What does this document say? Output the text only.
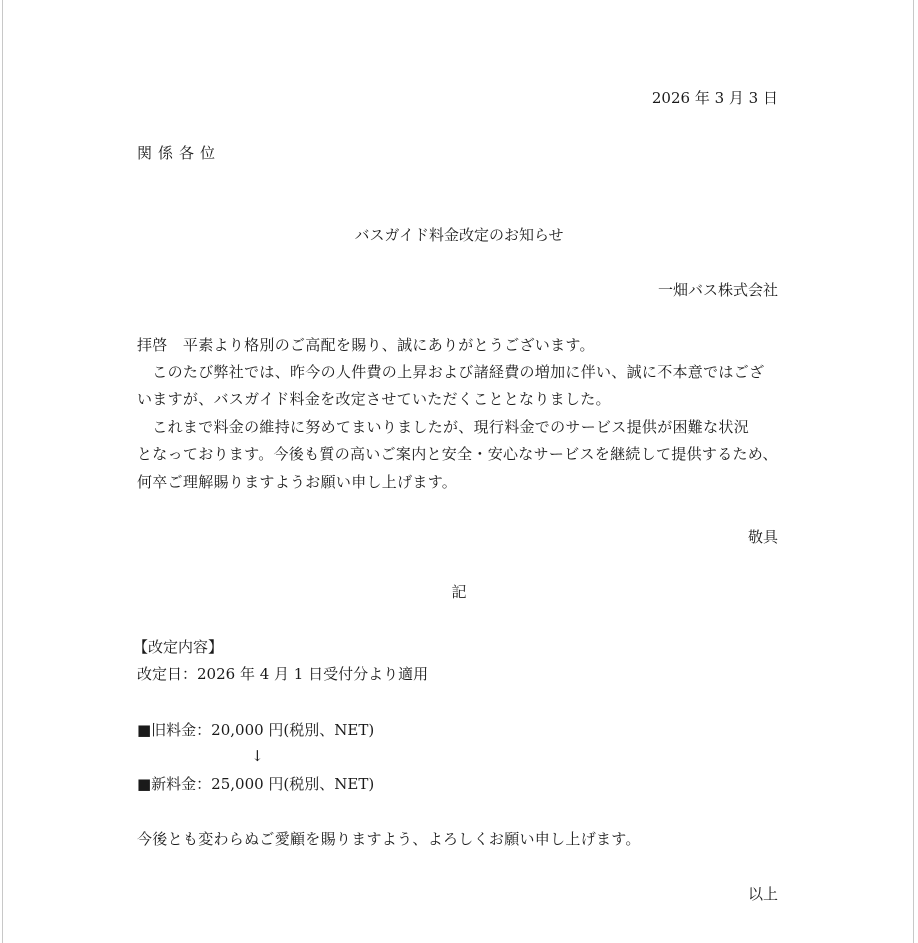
2026 年 3 月 3 日
関係各位
バスガイド料金改定のお知らせ
一畑バス株式会社
拝啓　平素より格別のご高配を賜り、誠にありがとうございます。
　このたび弊社では、昨今の人件費の上昇および諸経費の増加に伴い、誠に不本意ではござ
いますが、バスガイド料金を改定させていただくこととなりました。
　これまで料金の維持に努めてまいりましたが、現行料金でのサービス提供が困難な状況
となっております。今後も質の高いご案内と安全・安心なサービスを継続して提供するため、
何卒ご理解賜りますようお願い申し上げます。
敬具
記
【改定内容】
改定日：2026 年 4 月 1 日受付分より適用
■旧料金：20,000 円(税別、NET)
↓
■新料金：25,000 円(税別、NET)
今後とも変わらぬご愛顧を賜りますよう、よろしくお願い申し上げます。
以上
